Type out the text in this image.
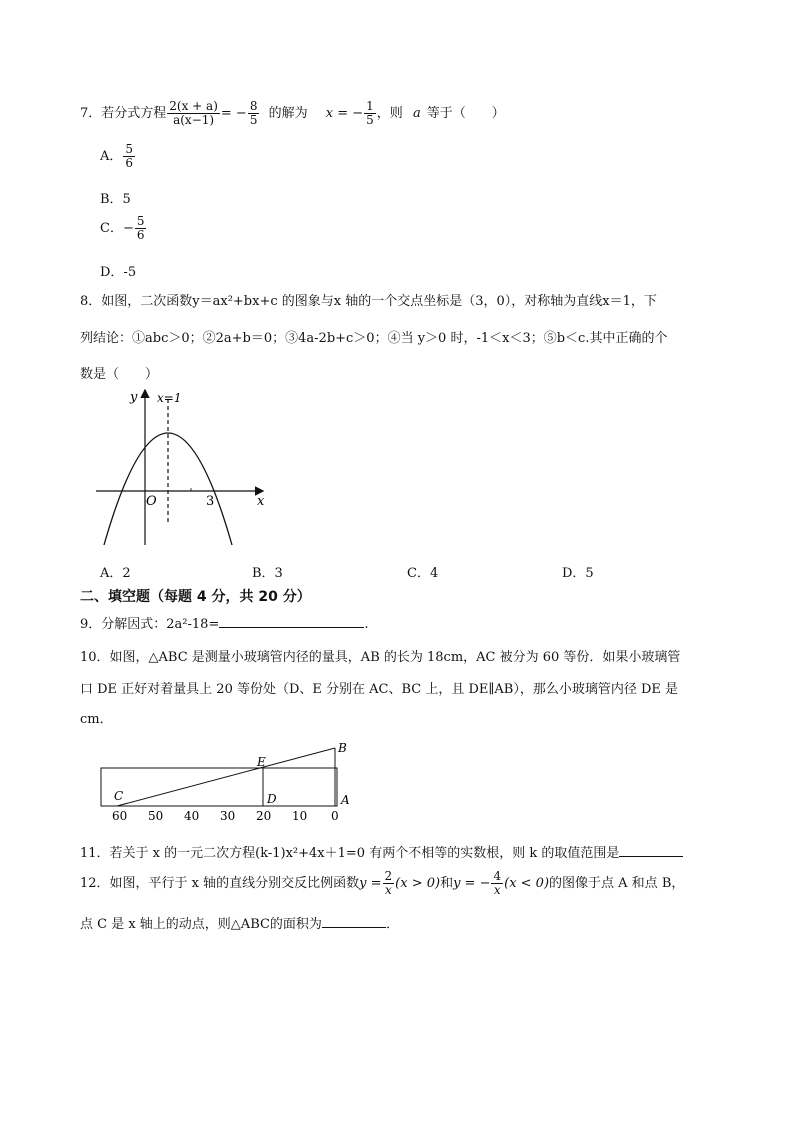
7．若分式方程 $\frac{2(x + a)}{a(x-1)}$ = − $\frac{8}{5}$ 的解为 x = − $\frac{1}{5}$ ，则 a 等于（　　）
A． $\frac{5}{6}$
B．5
C．− $\frac{5}{6}$
D．-5
8．如图，二次函数y＝ax²+bx+c 的图象与x 轴的一个交点坐标是（3，0），对称轴为直线x＝1，下
列结论：①abc＞0；②2a+b＝0；③4a-2b+c＞0；④当 y＞0 时，-1＜x＜3；⑤b＜c.其中正确的个
数是（　　）
y x=1
O	3	x
A．2	B．3	C．4	D．5
二、填空题（每题 4 分，共 20 分）
9．分解因式：2a²-18=	.
10．如图，△ABC 是测量小玻璃管内径的量具，AB 的长为 18cm，AC 被分为 60 等份．如果小玻璃管
口 DE 正好对着量具上 20 等份处（D、E 分别在 AC、BC 上，且 DE∥AB），那么小玻璃管内径 DE 是
cm．
B
E
C	D	A
60 50 40 30 20 10 0
11．若关于 x 的一元二次方程(k-1)x²+4x＋1=0 有两个不相等的实数根，则 k 的取值范围是
12．如图，平行于 x 轴的直线分别交反比例函数$y = \frac{2}{x} (x > 0)$和y = − $\frac{4}{x} (x < 0)$的图像于点 A 和点 B，
点 C 是 x 轴上的动点，则△ABC的面积为	．
